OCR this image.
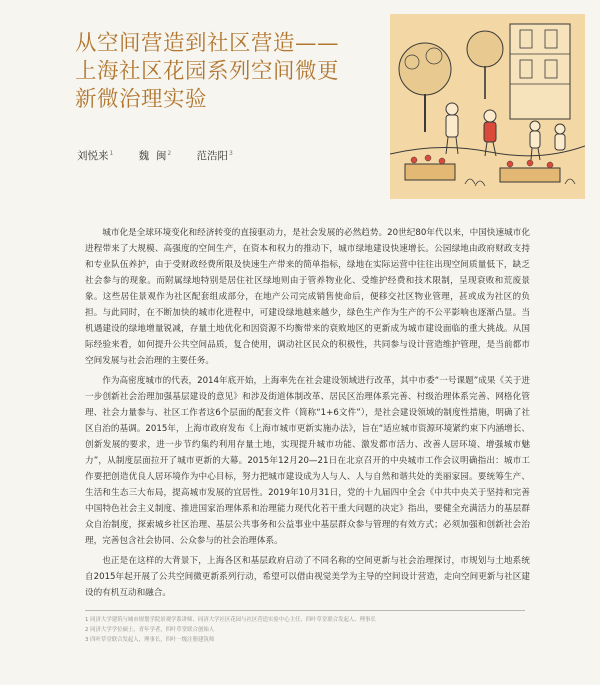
从空间营造到社区营造——
上海社区花园系列空间微更
新微治理实验
刘悦来$^1$ 魏  闽$^2$ 范浩阳$^3$

城市化是全球环境变化和经济转变的直接驱动力，是社会发展的必然趋势。20世纪80年代以来，中国快速城市化进程带来了大规模、高强度的空间生产，在资本和权力的推动下，城市绿地建设快速增长。公园绿地由政府财政支持和专业队伍养护，由于受财政经费所限及快速生产带来的简单指标，绿地在实际运营中往往出现空间质量低下，缺乏社会参与的现象。而附属绿地特别是居住社区绿地则由于管养物业化、受维护经费和技术限制，呈现衰败和荒废景象。这些居住景观作为社区配套组成部分，在地产公司完成销售使命后，便移交社区物业管理，甚或成为社区的负担。与此同时，在不断加快的城市化进程中，可建设绿地越来越少，绿色生产作为生产的不公平影响也逐渐凸显。当机遇建设的绿地增量锐减，存量土地优化和因资源不均衡带来的衰败地区的更新成为城市建设面临的重大挑战。从国际经验来看，如何提升公共空间品质，复合使用，调动社区民众的积极性，共同参与设计营造维护管理，是当前都市空间发展与社会治理的主要任务。

作为高密度城市的代表，2014年底开始，上海率先在社会建设领域进行改革，其中市委“一号课题”成果《关于进一步创新社会治理加强基层建设的意见》和涉及街道体制改革、居民区治理体系完善、村级治理体系完善、网格化管理、社会力量参与、社区工作者这6个层面的配套文件（简称“1+6文件”），是社会建设领域的制度性措施，明确了社区自治的基调。2015年，上海市政府发布《上海市城市更新实施办法》，旨在“适应城市资源环境紧约束下内涵增长、创新发展的要求，进一步节约集约利用存量土地，实现提升城市功能、激发都市活力、改善人居环境、增强城市魅力”，从制度层面拉开了城市更新的大幕。2015年12月20—21日在北京召开的中央城市工作会议明确指出：城市工作要把创造优良人居环境作为中心目标，努力把城市建设成为人与人、人与自然和谐共处的美丽家园。要统筹生产、生活和生态三大布局，提高城市发展的宜居性。2019年10月31日，党的十九届四中全会《中共中央关于坚持和完善中国特色社会主义制度、推进国家治理体系和治理能力现代化若干重大问题的决定》指出，要健全充满活力的基层群众自治制度，探索城乡社区治理、基层公共事务和公益事业中基层群众参与管理的有效方式；必须加强和创新社会治理，完善包含社会协同、公众参与的社会治理体系。

也正是在这样的大背景下，上海各区和基层政府启动了不同名称的空间更新与社会治理探讨，市规划与土地系统自2015年起开展了公共空间微更新系列行动，希望可以借由视觉美学为主导的空间设计营造，走向空间更新与社区建设的有机互动和融合。

1 同济大学建筑与城市规划学院景观学系讲师、同济大学社区花园与社区营造实验中心主任、四叶草堂联合发起人、理事长
2 同济大学学位硕士，青年学者，四叶草堂联合创始人
3 四叶草堂联合发起人、理事长，四叶一级注册建筑师
